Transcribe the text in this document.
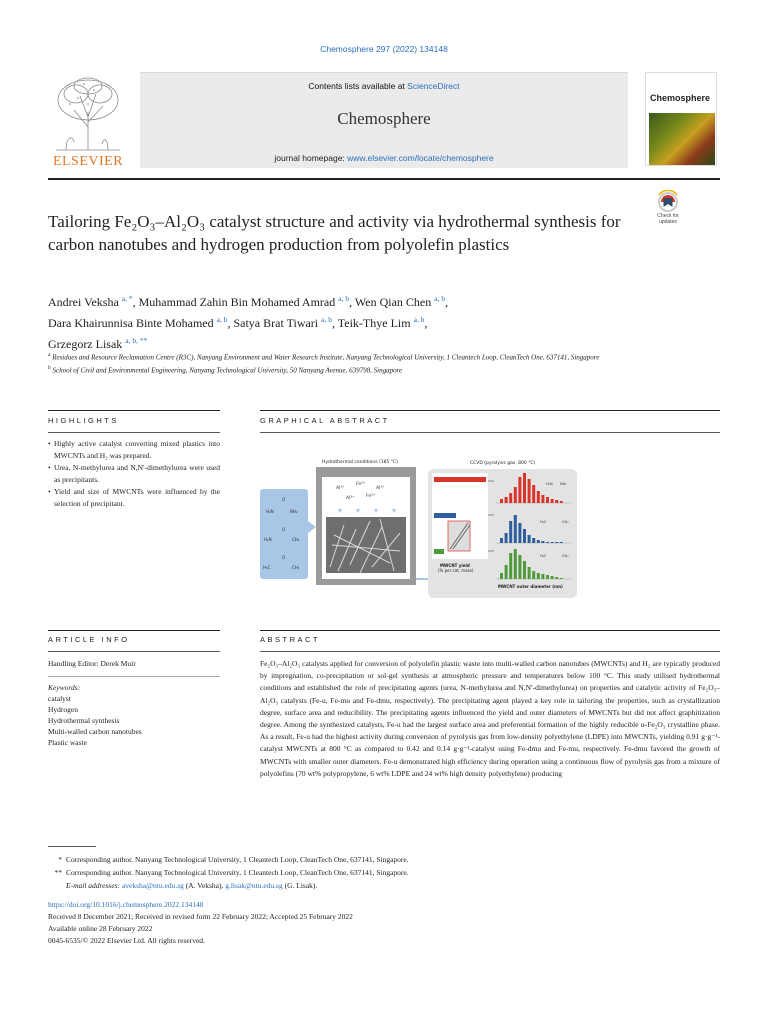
Chemosphere 297 (2022) 134148
ELSEVIER
Contents lists available at ScienceDirect
Chemosphere
journal homepage: www.elsevier.com/locate/chemosphere
Chemosphere
Check for
updates
Tailoring Fe₂O₃–Al₂O₃ catalyst structure and activity via hydrothermal synthesis for carbon nanotubes and hydrogen production from polyolefin plastics
Andrei Veksha $^{a, *}$, Muhammad Zahin Bin Mohamed Amrad $^{a, b}$, Wen Qian Chen $^{a, b}$,
Dara Khairunnisa Binte Mohamed $^{a, b}$, Satya Brat Tiwari $^{a, b}$, Teik-Thye Lim $^{a, b}$,
Grzegorz Lisak $^{a, b, **}$
$^a$ Residues and Resource Reclamation Centre (R3C), Nanyang Environment and Water Research Institute, Nanyang Technological University, 1 Cleantech Loop, CleanTech One, 637141, Singapore
$^b$ School of Civil and Environmental Engineering, Nanyang Technological University, 50 Nanyang Avenue, 639798, Singapore
HIGHLIGHTS
• Highly active catalyst converting mixed plastics into MWCNTs and H₂ was prepared.
• Urea, N-methylurea and N,N′-dimethylurea were used as precipitants.
• Yield and size of MWCNTs were influenced by the selection of precipitant.
GRAPHICAL ABSTRACT
O
H₂N	NH₂
O
H₂N	CH₃
O
H₃C	CH₃
Hydrothermal conditions (185 °C)
Al³⁺
Fe³⁺
Al³⁺
Al³⁺	Fe³⁺
CCVD (pyrolysis gas, 800 °C)
MWCNT yield
(% per cat. mass)
H₂N NH₂
H₃C	CH₃
H₃C	CH₃
MWCNT outer diameter (nm)
ARTICLE INFO
Handling Editor: Derek Muir
Keywords:
catalyst
Hydrogen
Hydrothermal synthesis
Multi-walled carbon nanotubes
Plastic waste
ABSTRACT

Fe₂O₃–Al₂O₃ catalysts applied for conversion of polyolefin plastic waste into multi-walled carbon nanotubes (MWCNTs) and H₂ are typically produced by impregnation, co-precipitation or sol-gel synthesis at atmospheric pressure and temperatures below 100 °C. This study utilised hydrothermal conditions and established the role of precipitating agents (urea, N-methylurea and N,N′-dimethylurea) on properties and catalytic activity of Fe₂O₃–Al₂O₃ catalysts (Fe-u, Fe-mu and Fe-dmu, respectively). The precipitating agent played a key role in tailoring the properties, such as crystallization degree, surface area and reducibility. The precipitating agents influenced the yield and outer diameters of MWCNTs but did not affect graphitization degree. Among the synthesized catalysts, Fe-u had the largest surface area and preferential formation of the highly reducible α-Fe₂O₃ crystalline phase. As a result, Fe-u had the highest activity during conversion of pyrolysis gas from low-density polyethylene (LDPE) into MWCNTs, yielding 0.91 g·g⁻¹-catalyst MWCNTs at 800 °C as compared to 0.42 and 0.14 g·g⁻¹-catalyst using Fe-dmu and Fe-mu, respectively. Fe-dmu favored the growth of MWCNTs with smaller outer diameters. Fe-u demonstrated high efficiency during operation using a continuous flow of pyrolysis gas from a mixture of polyolefins (70 wt% polypropylene, 6 wt% LDPE and 24 wt% high density polyethylene) producing

* Corresponding author. Nanyang Technological University, 1 Cleantech Loop, CleanTech One, 637141, Singapore.
** Corresponding author. Nanyang Technological University, 1 Cleantech Loop, CleanTech One, 637141, Singapore.
E-mail addresses: aveksha@ntu.edu.sg (A. Veksha), g.lisak@ntu.edu.sg (G. Lisak).
https://doi.org/10.1016/j.chemosphere.2022.134148
Received 8 December 2021; Received in revised form 22 February 2022; Accepted 25 February 2022
Available online 28 February 2022
0045-6535/© 2022 Elsevier Ltd. All rights reserved.
